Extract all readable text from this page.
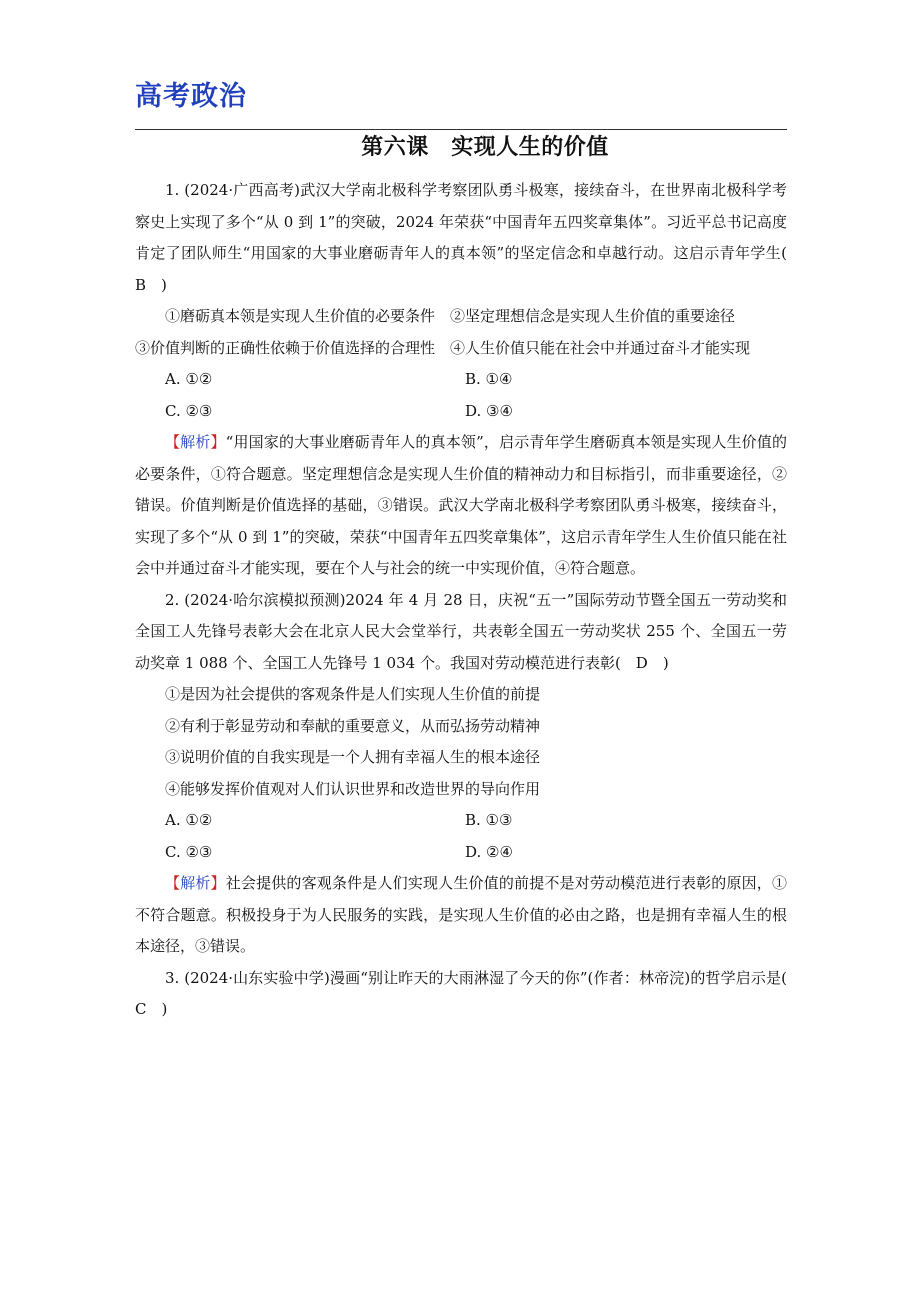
高考政治
第六课　实现人生的价值

1. (2024·广西高考)武汉大学南北极科学考察团队勇斗极寒，接续奋斗，在世界南北极科学考察史上实现了多个“从 0 到 1”的突破，2024 年荣获“中国青年五四奖章集体”。习近平总书记高度肯定了团队师生“用国家的大事业磨砺青年人的真本领”的坚定信念和卓越行动。这启示青年学生(　B　)

①磨砺真本领是实现人生价值的必要条件　②坚定理想信念是实现人生价值的重要途径

③价值判断的正确性依赖于价值选择的合理性　④人生价值只能在社会中并通过奋斗才能实现

A. ①②	B. ①④
C. ②③	D. ③④

【解析】“用国家的大事业磨砺青年人的真本领”，启示青年学生磨砺真本领是实现人生价值的必要条件，①符合题意。坚定理想信念是实现人生价值的精神动力和目标指引，而非重要途径，②错误。价值判断是价值选择的基础，③错误。武汉大学南北极科学考察团队勇斗极寒，接续奋斗，实现了多个“从 0 到 1”的突破，荣获“中国青年五四奖章集体”，这启示青年学生人生价值只能在社会中并通过奋斗才能实现，要在个人与社会的统一中实现价值，④符合题意。

2. (2024·哈尔滨模拟预测)2024 年 4 月 28 日，庆祝“五一”国际劳动节暨全国五一劳动奖和全国工人先锋号表彰大会在北京人民大会堂举行，共表彰全国五一劳动奖状 255 个、全国五一劳动奖章 1 088 个、全国工人先锋号 1 034 个。我国对劳动模范进行表彰(　D　)

①是因为社会提供的客观条件是人们实现人生价值的前提

②有利于彰显劳动和奉献的重要意义，从而弘扬劳动精神

③说明价值的自我实现是一个人拥有幸福人生的根本途径

④能够发挥价值观对人们认识世界和改造世界的导向作用

A. ①②	B. ①③
C. ②③	D. ②④

【解析】社会提供的客观条件是人们实现人生价值的前提不是对劳动模范进行表彰的原因，①不符合题意。积极投身于为人民服务的实践，是实现人生价值的必由之路，也是拥有幸福人生的根本途径，③错误。

3. (2024·山东实验中学)漫画“别让昨天的大雨淋湿了今天的你”(作者：林帝浣)的哲学启示是(　C　)
